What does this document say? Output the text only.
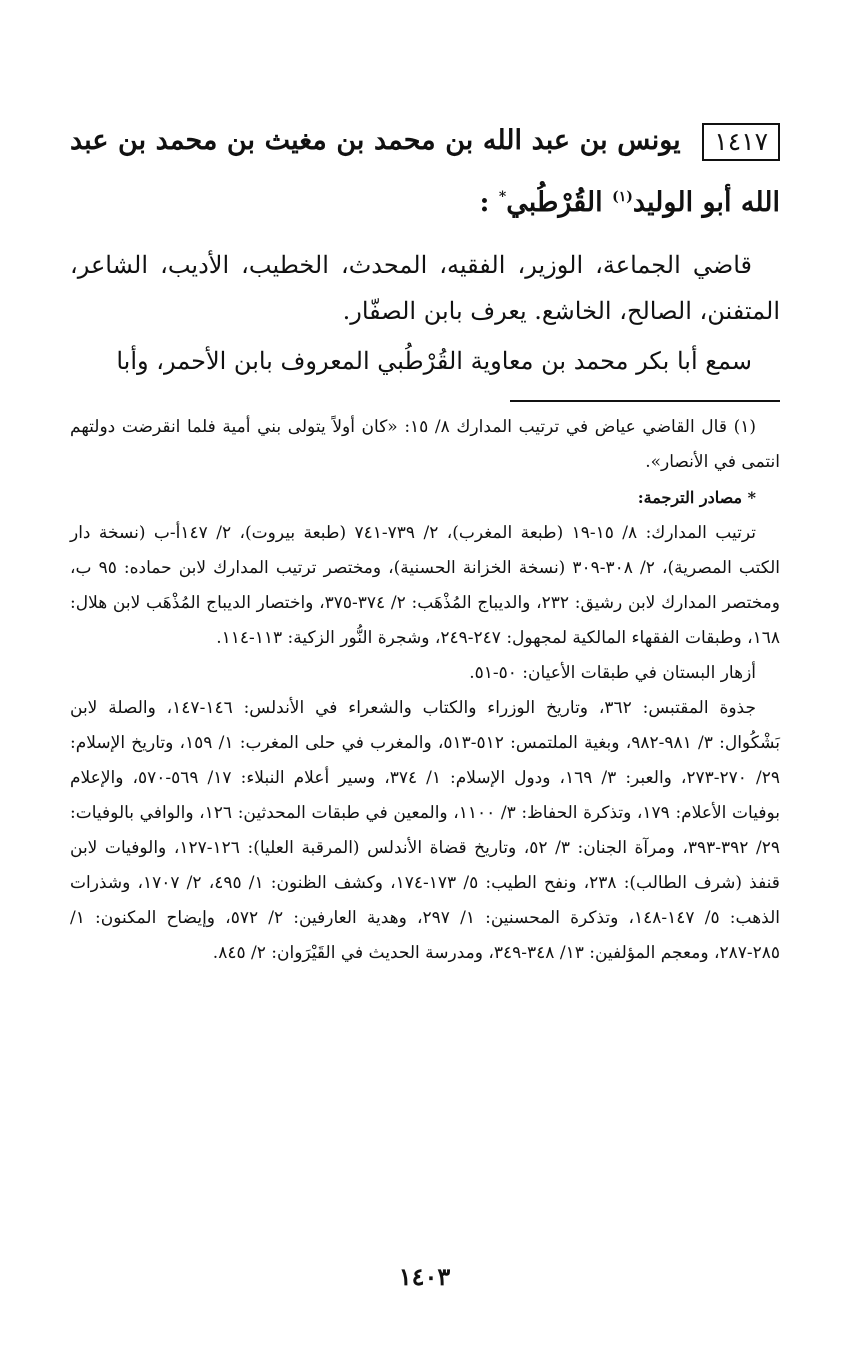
١٤١٧ يونس بن عبد الله بن محمد بن مغيث بن محمد بن عبد الله أبو الوليد$^{(١)}$ القُرْطُبي* :

قاضي الجماعة، الوزير، الفقيه، المحدث، الخطيب، الأديب، الشاعر، المتفنن، الصالح، الخاشع. يعرف بابن الصفّار.

سمع أبا بكر محمد بن معاوية القُرْطُبي المعروف بابن الأحمر، وأبا

(١) قال القاضي عياض في ترتيب المدارك ٨/ ١٥: «كان أولاً يتولى بني أمية فلما انقرضت دولتهم انتمى في الأنصار».

* مصادر الترجمة:

ترتيب المدارك: ٨/ ١٥-١٩ (طبعة المغرب)، ٢/ ٧٣٩-٧٤١ (طبعة بيروت)، ٢/ ١٤٧أ-ب (نسخة دار الكتب المصرية)، ٢/ ٣٠٨-٣٠٩ (نسخة الخزانة الحسنية)، ومختصر ترتيب المدارك لابن حماده: ٩٥ ب، ومختصر المدارك لابن رشيق: ٢٣٢، والديباج المُذْهَب: ٢/ ٣٧٤-٣٧٥، واختصار الديباج المُذْهَب لابن هلال: ١٦٨، وطبقات الفقهاء المالكية لمجهول: ٢٤٧-٢٤٩، وشجرة النُّور الزكية: ١١٣-١١٤.

أزهار البستان في طبقات الأعيان: ٥٠-٥١.

جذوة المقتبس: ٣٦٢، وتاريخ الوزراء والكتاب والشعراء في الأندلس: ١٤٦-١٤٧، والصلة لابن بَشْكُوال: ٣/ ٩٨١-٩٨٢، وبغية الملتمس: ٥١٢-٥١٣، والمغرب في حلى المغرب: ١/ ١٥٩، وتاريخ الإسلام: ٢٩/ ٢٧٠-٢٧٣، والعبر: ٣/ ١٦٩، ودول الإسلام: ١/ ٣٧٤، وسير أعلام النبلاء: ١٧/ ٥٦٩-٥٧٠، والإعلام بوفيات الأعلام: ١٧٩، وتذكرة الحفاظ: ٣/ ١١٠٠، والمعين في طبقات المحدثين: ١٢٦، والوافي بالوفيات: ٢٩/ ٣٩٢-٣٩٣، ومرآة الجنان: ٣/ ٥٢، وتاريخ قضاة الأندلس (المرقبة العليا): ١٢٦-١٢٧، والوفيات لابن قنفذ (شرف الطالب): ٢٣٨، ونفح الطيب: ٥/ ١٧٣-١٧٤، وكشف الظنون: ١/ ٤٩٥، ٢/ ١٧٠٧، وشذرات الذهب: ٥/ ١٤٧-١٤٨، وتذكرة المحسنين: ١/ ٢٩٧، وهدية العارفين: ٢/ ٥٧٢، وإيضاح المكنون: ١/ ٢٨٥-٢٨٧، ومعجم المؤلفين: ١٣/ ٣٤٨-٣٤٩، ومدرسة الحديث في القَيْرَوان: ٢/ ٨٤٥.

١٤٠٣
